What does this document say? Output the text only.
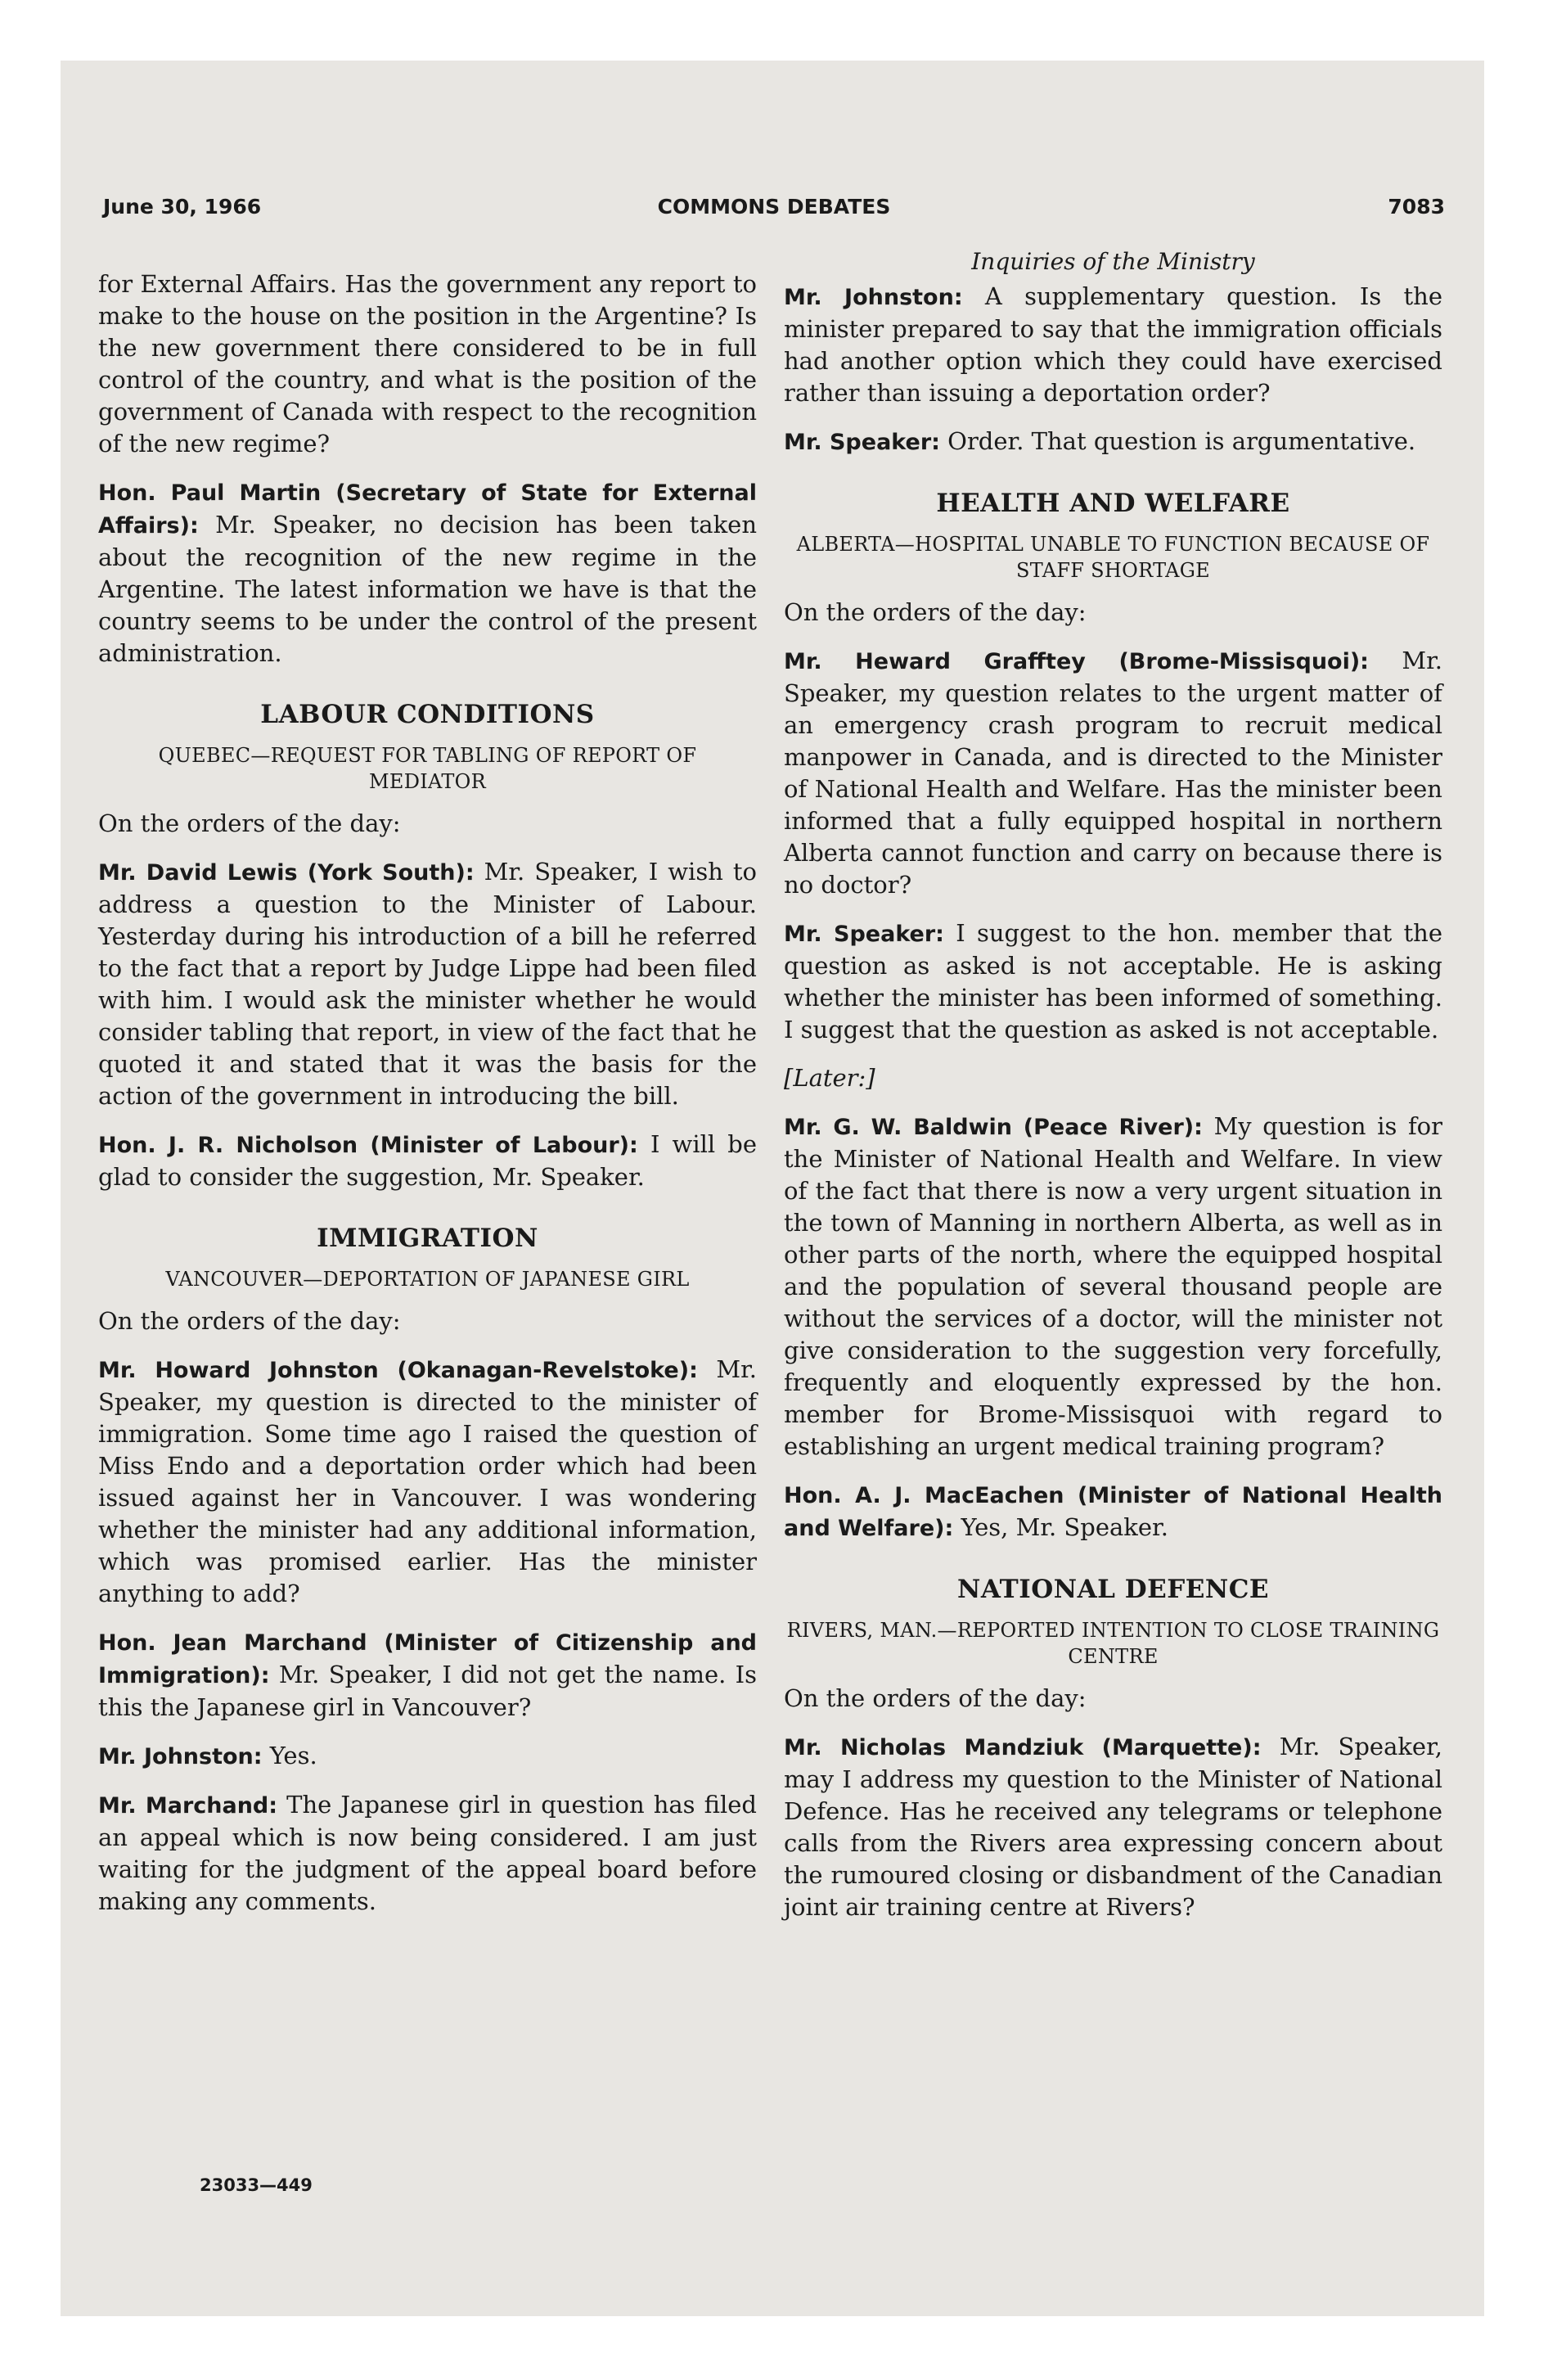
June 30, 1966	COMMONS DEBATES	7083

for External Affairs. Has the government any report to make to the house on the position in the Argentine? Is the new government there considered to be in full control of the country, and what is the position of the government of Canada with respect to the recognition of the new regime?

Hon. Paul Martin (Secretary of State for External Affairs): Mr. Speaker, no decision has been taken about the recognition of the new regime in the Argentine. The latest information we have is that the country seems to be under the control of the present administration.

LABOUR CONDITIONS
QUEBEC—REQUEST FOR TABLING OF REPORT OF MEDIATOR

On the orders of the day:

Mr. David Lewis (York South): Mr. Speaker, I wish to address a question to the Minister of Labour. Yesterday during his introduction of a bill he referred to the fact that a report by Judge Lippe had been filed with him. I would ask the minister whether he would consider tabling that report, in view of the fact that he quoted it and stated that it was the basis for the action of the government in introducing the bill.

Hon. J. R. Nicholson (Minister of Labour): I will be glad to consider the suggestion, Mr. Speaker.

IMMIGRATION
VANCOUVER—DEPORTATION OF JAPANESE GIRL

On the orders of the day:

Mr. Howard Johnston (Okanagan-Revelstoke): Mr. Speaker, my question is directed to the minister of immigration. Some time ago I raised the question of Miss Endo and a deportation order which had been issued against her in Vancouver. I was wondering whether the minister had any additional information, which was promised earlier. Has the minister anything to add?

Hon. Jean Marchand (Minister of Citizenship and Immigration): Mr. Speaker, I did not get the name. Is this the Japanese girl in Vancouver?

Mr. Johnston: Yes.

Mr. Marchand: The Japanese girl in question has filed an appeal which is now being considered. I am just waiting for the judgment of the appeal board before making any comments.

Inquiries of the Ministry

Mr. Johnston: A supplementary question. Is the minister prepared to say that the immigration officials had another option which they could have exercised rather than issuing a deportation order?

Mr. Speaker: Order. That question is argumentative.

HEALTH AND WELFARE
ALBERTA—HOSPITAL UNABLE TO FUNCTION BECAUSE OF STAFF SHORTAGE

On the orders of the day:

Mr. Heward Grafftey (Brome-Missisquoi): Mr. Speaker, my question relates to the urgent matter of an emergency crash program to recruit medical manpower in Canada, and is directed to the Minister of National Health and Welfare. Has the minister been informed that a fully equipped hospital in northern Alberta cannot function and carry on because there is no doctor?

Mr. Speaker: I suggest to the hon. member that the question as asked is not acceptable. He is asking whether the minister has been informed of something. I suggest that the question as asked is not acceptable.

[Later:]

Mr. G. W. Baldwin (Peace River): My question is for the Minister of National Health and Welfare. In view of the fact that there is now a very urgent situation in the town of Manning in northern Alberta, as well as in other parts of the north, where the equipped hospital and the population of several thousand people are without the services of a doctor, will the minister not give consideration to the suggestion very forcefully, frequently and eloquently expressed by the hon. member for Brome-Missisquoi with regard to establishing an urgent medical training program?

Hon. A. J. MacEachen (Minister of National Health and Welfare): Yes, Mr. Speaker.

NATIONAL DEFENCE
RIVERS, MAN.—REPORTED INTENTION TO CLOSE TRAINING CENTRE

On the orders of the day:

Mr. Nicholas Mandziuk (Marquette): Mr. Speaker, may I address my question to the Minister of National Defence. Has he received any telegrams or telephone calls from the Rivers area expressing concern about the rumoured closing or disbandment of the Canadian joint air training centre at Rivers?

23033—449
